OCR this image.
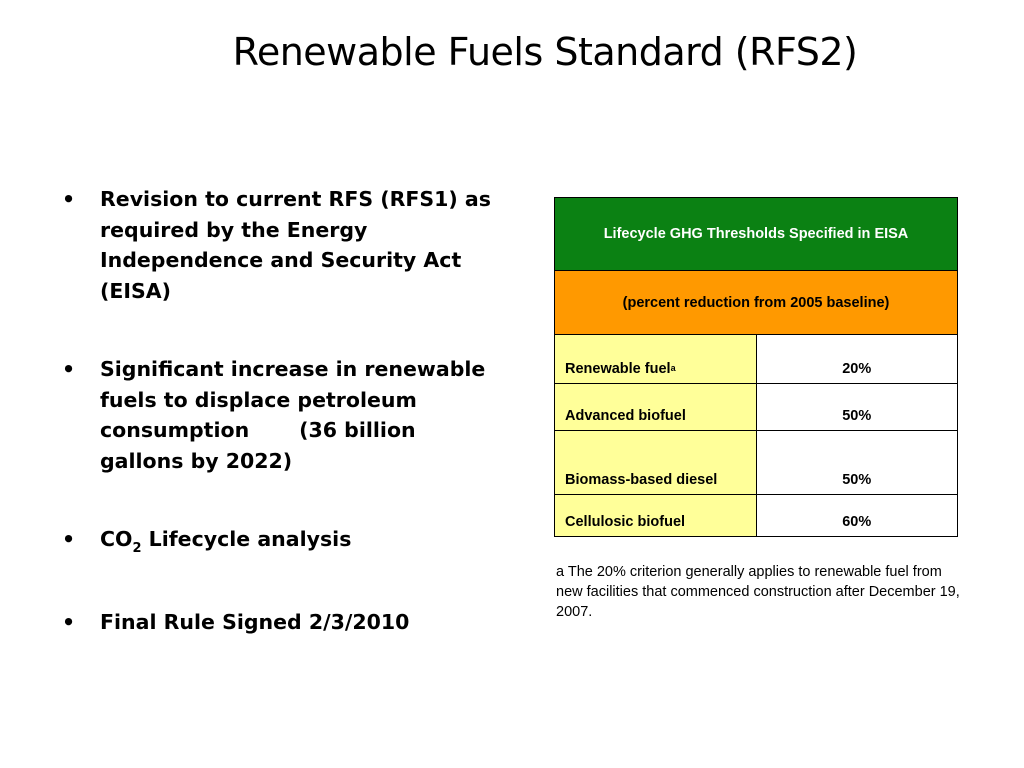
Renewable Fuels Standard (RFS2)
• Revision to current RFS (RFS1) as required by the Energy Independence and Security Act (EISA)
• Significant increase in renewable fuels to displace petroleum consumption       (36 billion gallons by 2022)
• $CO_2$ Lifecycle analysis
• Final Rule Signed 2/3/2010
Lifecycle GHG Thresholds Specified in EISA	
(percent reduction from 2005 baseline)	
Renewable fuel$^a$	20%
Advanced biofuel	50%
Biomass-based diesel	50%
Cellulosic biofuel	60%
a The 20% criterion generally applies to renewable fuel from new facilities that commenced construction after December 19, 2007.
